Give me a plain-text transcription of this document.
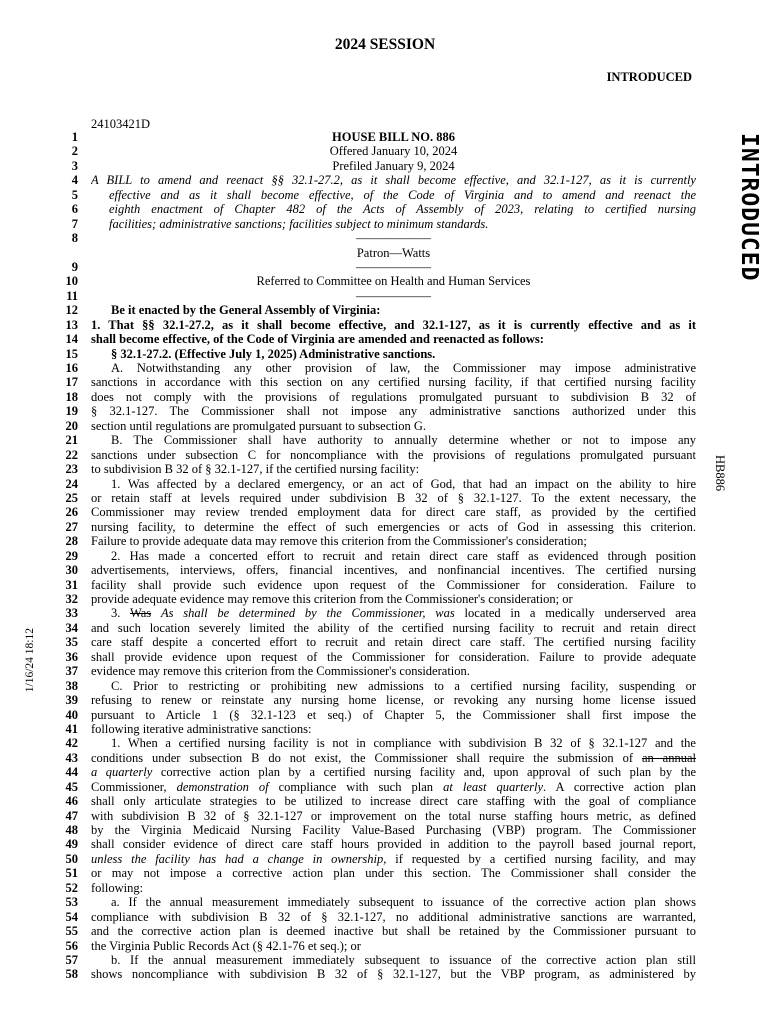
2024 SESSION
INTRODUCED
24103421D
INTRODUCED
HB886
1/16/24 18:12
1	HOUSE BILL NO. 886
2	Offered January 10, 2024
3	Prefiled January 9, 2024
4 A BILL to amend and reenact §§ 32.1-27.2, as it shall become effective, and 32.1-127, as it is currently
5	effective and as it shall become effective, of the Code of Virginia and to amend and reenact the
6	eighth enactment of Chapter 482 of the Acts of Assembly of 2023, relating to certified nursing
7	facilities; administrative sanctions; facilities subject to minimum standards.
8	——————
Patron––Watts
9	——————
10	Referred to Committee on Health and Human Services
11	——————
12	Be it enacted by the General Assembly of Virginia:
13 1. That §§ 32.1-27.2, as it shall become effective, and 32.1-127, as it is currently effective and as it
14 shall become effective, of the Code of Virginia are amended and reenacted as follows:
15	§ 32.1-27.2. (Effective July 1, 2025) Administrative sanctions.
16	A. Notwithstanding any other provision of law, the Commissioner may impose administrative
17 sanctions in accordance with this section on any certified nursing facility, if that certified nursing facility
18 does not comply with the provisions of regulations promulgated pursuant to subdivision B 32 of
19 § 32.1-127. The Commissioner shall not impose any administrative sanctions authorized under this
20 section until regulations are promulgated pursuant to subsection G.
21	B. The Commissioner shall have authority to annually determine whether or not to impose any
22 sanctions under subsection C for noncompliance with the provisions of regulations promulgated pursuant
23 to subdivision B 32 of § 32.1-127, if the certified nursing facility:
24	1. Was affected by a declared emergency, or an act of God, that had an impact on the ability to hire
25 or retain staff at levels required under subdivision B 32 of § 32.1-127. To the extent necessary, the
26 Commissioner may review trended employment data for direct care staff, as provided by the certified
27 nursing facility, to determine the effect of such emergencies or acts of God in assessing this criterion.
28 Failure to provide adequate data may remove this criterion from the Commissioner's consideration;
29	2. Has made a concerted effort to recruit and retain direct care staff as evidenced through position
30 advertisements, interviews, offers, financial incentives, and nonfinancial incentives. The certified nursing
31 facility shall provide such evidence upon request of the Commissioner for consideration. Failure to
32 provide adequate evidence may remove this criterion from the Commissioner's consideration; or
33	3. Was As shall be determined by the Commissioner, was located in a medically underserved area
34 and such location severely limited the ability of the certified nursing facility to recruit and retain direct
35 care staff despite a concerted effort to recruit and retain direct care staff. The certified nursing facility
36 shall provide evidence upon request of the Commissioner for consideration. Failure to provide adequate
37 evidence may remove this criterion from the Commissioner's consideration.
38	C. Prior to restricting or prohibiting new admissions to a certified nursing facility, suspending or
39 refusing to renew or reinstate any nursing home license, or revoking any nursing home license issued
40 pursuant to Article 1 (§ 32.1-123 et seq.) of Chapter 5, the Commissioner shall first impose the
41 following iterative administrative sanctions:
42	1. When a certified nursing facility is not in compliance with subdivision B 32 of § 32.1-127 and the
43 conditions under subsection B do not exist, the Commissioner shall require the submission of an annual
44 a quarterly corrective action plan by a certified nursing facility and, upon approval of such plan by the
45 Commissioner, demonstration of compliance with such plan at least quarterly. A corrective action plan
46 shall only articulate strategies to be utilized to increase direct care staffing with the goal of compliance
47 with subdivision B 32 of § 32.1-127 or improvement on the total nurse staffing hours metric, as defined
48 by the Virginia Medicaid Nursing Facility Value-Based Purchasing (VBP) program. The Commissioner
49 shall consider evidence of direct care staff hours provided in addition to the payroll based journal report,
50 unless the facility has had a change in ownership, if requested by a certified nursing facility, and may
51 or may not impose a corrective action plan under this section. The Commissioner shall consider the
52 following:
53	a. If the annual measurement immediately subsequent to issuance of the corrective action plan shows
54 compliance with subdivision B 32 of § 32.1-127, no additional administrative sanctions are warranted,
55 and the corrective action plan is deemed inactive but shall be retained by the Commissioner pursuant to
56 the Virginia Public Records Act (§ 42.1-76 et seq.); or
57	b. If the annual measurement immediately subsequent to issuance of the corrective action plan still
58 shows noncompliance with subdivision B 32 of § 32.1-127, but the VBP program, as administered by
